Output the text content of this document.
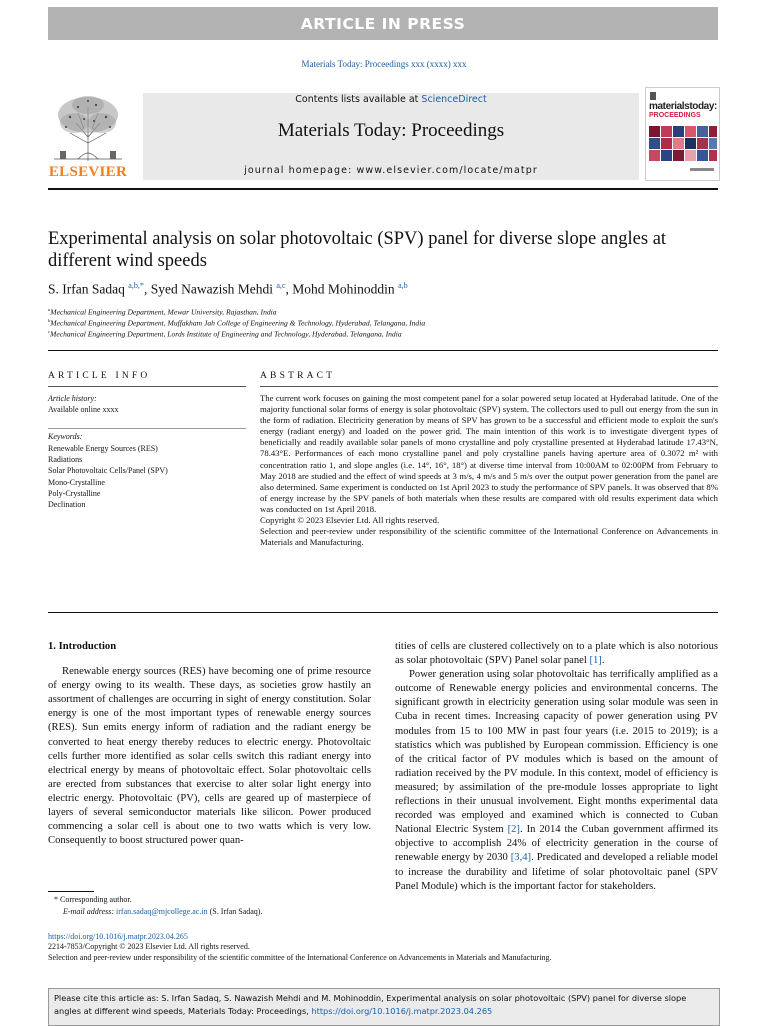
ARTICLE IN PRESS
Materials Today: Proceedings xxx (xxxx) xxx
ELSEVIER
Contents lists available at ScienceDirect
Materials Today: Proceedings
journal homepage: www.elsevier.com/locate/matpr
materialstoday:
PROCEEDINGS
Experimental analysis on solar photovoltaic (SPV) panel for diverse slope angles at different wind speeds
S. Irfan Sadaq $^{a,b,*}$, Syed Nawazish Mehdi $^{a,c}$, Mohd Mohinoddin $^{a,b}$
$^a$Mechanical Engineering Department, Mewar University, Rajasthan, India
$^b$Mechanical Engineering Department, Muffakham Jah College of Engineering & Technology, Hyderabad, Telangana, India
$^c$Mechanical Engineering Department, Lords Institute of Engineering and Technology, Hyderabad, Telangana, India
ARTICLE INFO
Article history:
Available online xxxx
Keywords:
Renewable Energy Sources (RES)
Radiations
Solar Photovoltaic Cells/Panel (SPV)
Mono-Crystalline
Poly-Crystalline
Declination
ABSTRACT

The current work focuses on gaining the most competent panel for a solar powered setup located at Hyderabad latitude. One of the majority functional solar forms of energy is solar photovoltaic (SPV) system. The collectors used to pull out energy from the sun in the form of radiation. Electricity generation by means of SPV has grown to be a successful and efficient mode to exploit the sun's energy (radiant energy) and loaded on the power grid. The main intention of this work is to investigate divergent types of beneficially and readily available solar panels of mono crystalline and poly crystalline presented at Hyderabad latitude 17.43°N, 78.43°E. Performances of each mono crystalline panel and poly crystalline panels having aperture area of 0.3072 m² with concentration ratio 1, and slope angles (i.e. 14°, 16°, 18°) at diverse time interval from 10:00AM to 02:00PM from February to May 2018 are studied and the effect of wind speeds at 3 m/s, 4 m/s and 5 m/s over the output power generation from the panel are also determined. Same experiment is conducted on 1st April 2023 to study the performance of SPV panels. It was observed that 8% of energy increase by the SPV panels of both materials when these results are compared with old results experiment data which was conducted on 1st April 2018.

Copyright © 2023 Elsevier Ltd. All rights reserved.

Selection and peer-review under responsibility of the scientific committee of the International Conference on Advancements in Materials and Manufacturing.

1. Introduction

Renewable energy sources (RES) have becoming one of prime resource of energy owing to its wealth. These days, as societies grow hastily an assortment of challenges are occurring in sight of energy constitution. Solar energy is one of the most important types of renewable energy sources (RES). Sun emits energy inform of radiation and the radiant energy be converted to heat energy thereby reduces to electric energy. Photovoltaic cells further more identified as solar cells switch this radiant energy into electrical energy by means of photovoltaic effect. Solar photovoltaic cells are erected from substances that exercise to alter solar light energy into electric energy. Photovoltaic (PV), cells are geared up of masterpiece of layers of several semiconductor materials like silicon. Power produced commencing a solar cell is about one to two watts which is very low. Consequently to boost structured power quan-

tities of cells are clustered collectively on to a plate which is also notorious as solar photovoltaic (SPV) Panel solar panel [1].

Power generation using solar photovoltaic has terrifically amplified as a outcome of Renewable energy policies and environmental concerns. The significant growth in electricity generation using solar module was seen in Cuba in recent times. Increasing capacity of power generation using PV modules from 15 to 100 MW in past four years (i.e. 2015 to 2019); is a statistics which was published by European commission. Efficiency is one of the critical factor of PV modules which is based on the amount of radiation received by the PV module. In this context, model of efficiency is measured; by assimilation of the pre-module losses appropriate to light reflections in their unusual involvement. Eight months experimental data recorded was employed and examined which is connected to Cuban National Electric System [2]. In 2014 the Cuban government affirmed its objective to accomplish 24% of electricity generation in the course of renewable energy by 2030 [3,4]. Predicated and developed a reliable model to increase the durability and lifetime of solar photovoltaic panel (SPV Panel Module) which is the important factor for stakeholders.

* Corresponding author.
E-mail address: irfan.sadaq@mjcollege.ac.in (S. Irfan Sadaq).
https://doi.org/10.1016/j.matpr.2023.04.265
2214-7853/Copyright © 2023 Elsevier Ltd. All rights reserved.
Selection and peer-review under responsibility of the scientific committee of the International Conference on Advancements in Materials and Manufacturing.
Please cite this article as: S. Irfan Sadaq, S. Nawazish Mehdi and M. Mohinoddin, Experimental analysis on solar photovoltaic (SPV) panel for diverse slope angles at different wind speeds, Materials Today: Proceedings, https://doi.org/10.1016/j.matpr.2023.04.265
